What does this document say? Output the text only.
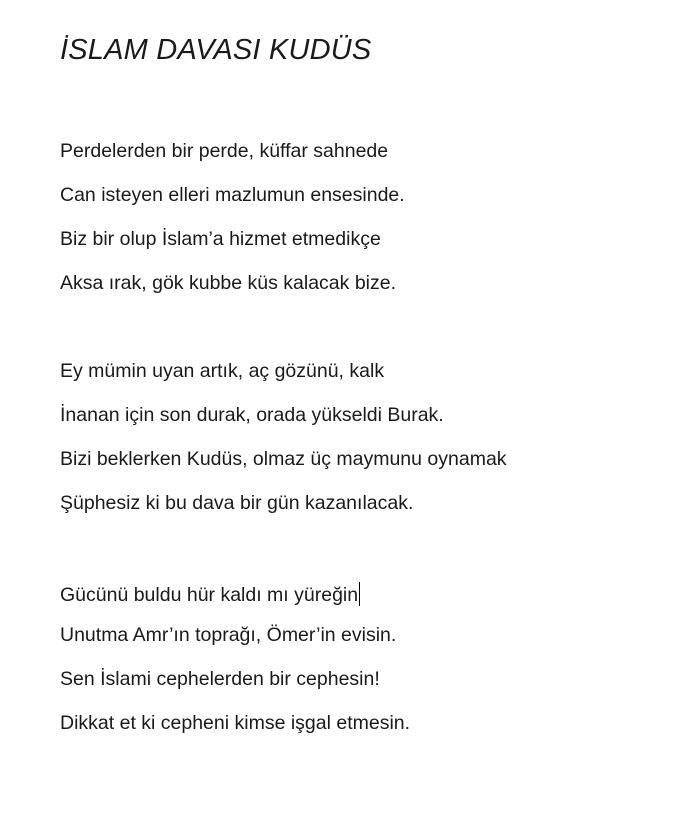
İSLAM DAVASI KUDÜS

Perdelerden bir perde, küffar sahnede

Can isteyen elleri mazlumun ensesinde.

Biz bir olup İslam’a hizmet etmedikçe

Aksa ırak, gök kubbe küs kalacak bize.

Ey mümin uyan artık, aç gözünü, kalk

İnanan için son durak, orada yükseldi Burak.

Bizi beklerken Kudüs, olmaz üç maymunu oynamak

Şüphesiz ki bu dava bir gün kazanılacak.

Gücünü buldu hür kaldı mı yüreğin

Unutma Amr’ın toprağı, Ömer’in evisin.

Sen İslami cephelerden bir cephesin!

Dikkat et ki cepheni kimse işgal etmesin.
